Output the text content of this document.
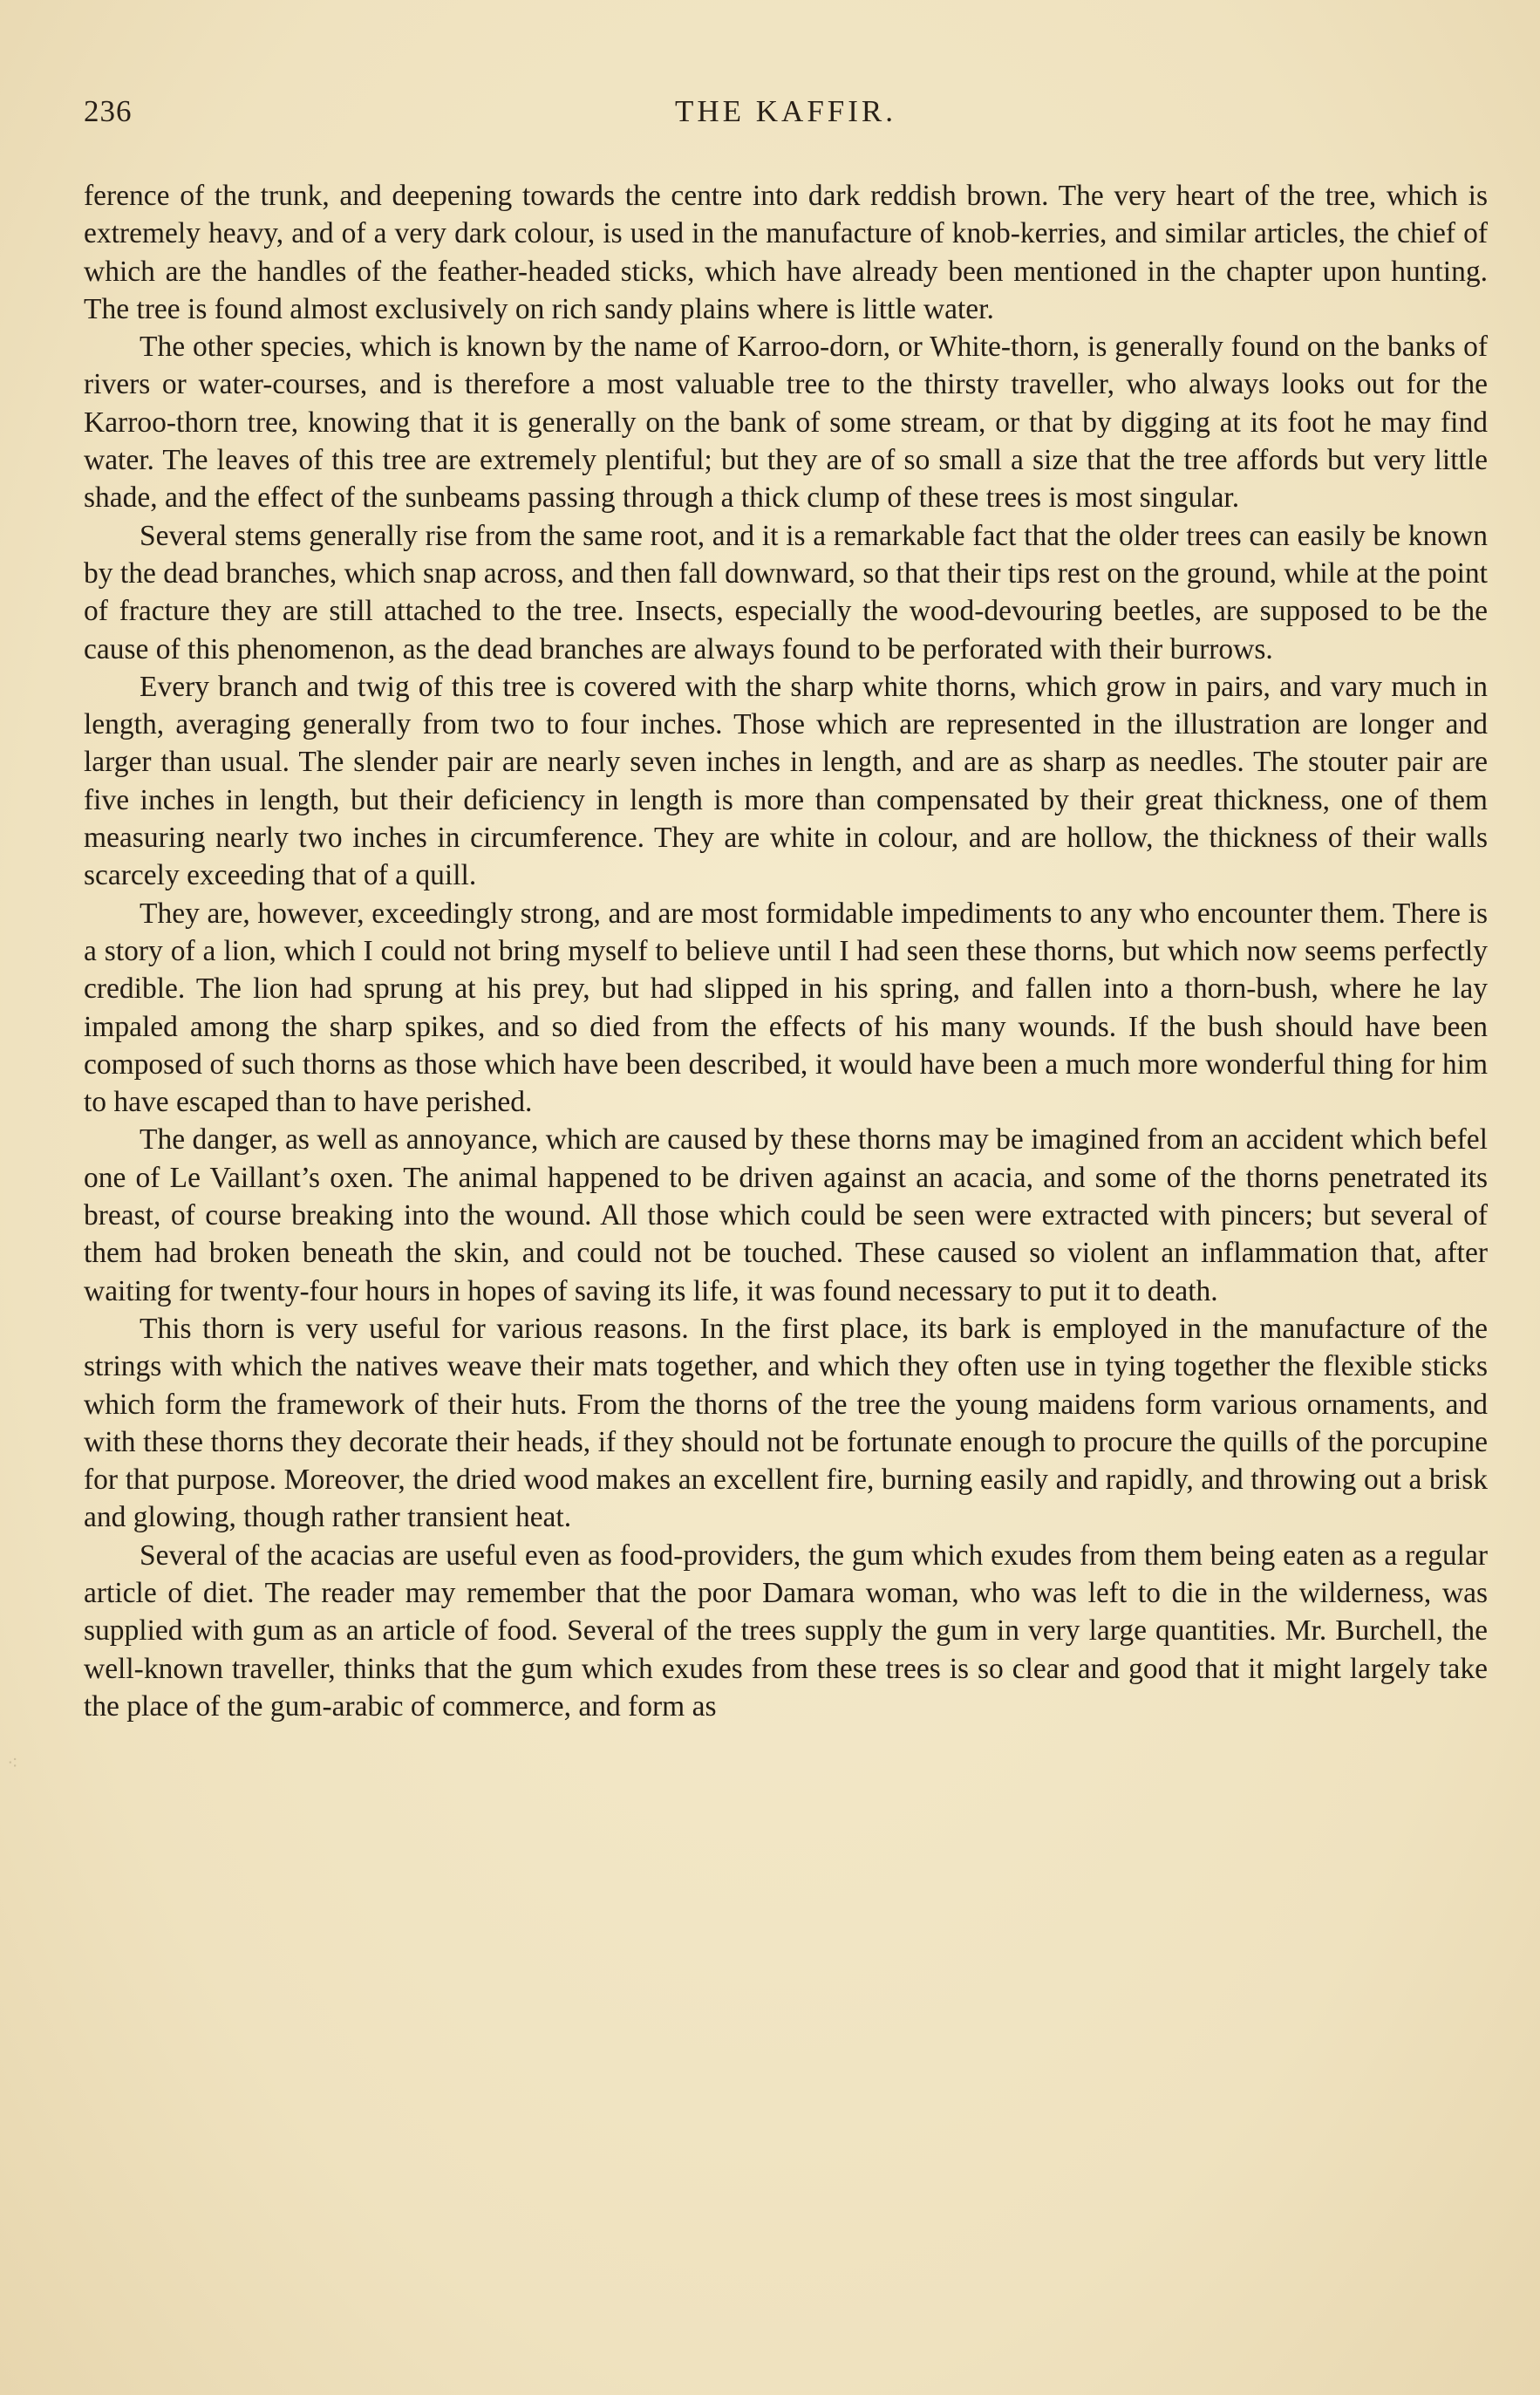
236	THE KAFFIR.

ference of the trunk, and deepening towards the centre into dark reddish brown. The very heart of the tree, which is extremely heavy, and of a very dark colour, is used in the manufacture of knob-kerries, and similar articles, the chief of which are the handles of the feather-headed sticks, which have already been mentioned in the chapter upon hunting. The tree is found almost exclusively on rich sandy plains where is little water.

The other species, which is known by the name of Karroo-dorn, or White-thorn, is generally found on the banks of rivers or water-courses, and is therefore a most valuable tree to the thirsty traveller, who always looks out for the Karroo-thorn tree, knowing that it is generally on the bank of some stream, or that by digging at its foot he may find water. The leaves of this tree are extremely plentiful; but they are of so small a size that the tree affords but very little shade, and the effect of the sunbeams passing through a thick clump of these trees is most singular.

Several stems generally rise from the same root, and it is a remarkable fact that the older trees can easily be known by the dead branches, which snap across, and then fall downward, so that their tips rest on the ground, while at the point of fracture they are still attached to the tree. Insects, especially the wood-devouring beetles, are supposed to be the cause of this phenomenon, as the dead branches are always found to be perforated with their burrows.

Every branch and twig of this tree is covered with the sharp white thorns, which grow in pairs, and vary much in length, averaging generally from two to four inches. Those which are represented in the illustration are longer and larger than usual. The slender pair are nearly seven inches in length, and are as sharp as needles. The stouter pair are five inches in length, but their deficiency in length is more than compensated by their great thickness, one of them measuring nearly two inches in circumference. They are white in colour, and are hollow, the thickness of their walls scarcely exceeding that of a quill.

They are, however, exceedingly strong, and are most formidable impediments to any who encounter them. There is a story of a lion, which I could not bring myself to believe until I had seen these thorns, but which now seems perfectly credible. The lion had sprung at his prey, but had slipped in his spring, and fallen into a thorn-bush, where he lay impaled among the sharp spikes, and so died from the effects of his many wounds. If the bush should have been composed of such thorns as those which have been described, it would have been a much more wonderful thing for him to have escaped than to have perished.

The danger, as well as annoyance, which are caused by these thorns may be imagined from an accident which befel one of Le Vaillant’s oxen. The animal happened to be driven against an acacia, and some of the thorns penetrated its breast, of course breaking into the wound. All those which could be seen were extracted with pincers; but several of them had broken beneath the skin, and could not be touched. These caused so violent an inflammation that, after waiting for twenty-four hours in hopes of saving its life, it was found necessary to put it to death.

This thorn is very useful for various reasons. In the first place, its bark is employed in the manufacture of the strings with which the natives weave their mats together, and which they often use in tying together the flexible sticks which form the framework of their huts. From the thorns of the tree the young maidens form various ornaments, and with these thorns they decorate their heads, if they should not be fortunate enough to procure the quills of the porcupine for that purpose. Moreover, the dried wood makes an excellent fire, burning easily and rapidly, and throwing out a brisk and glowing, though rather transient heat.

Several of the acacias are useful even as food-providers, the gum which exudes from them being eaten as a regular article of diet. The reader may remember that the poor Damara woman, who was left to die in the wilderness, was supplied with gum as an article of food. Several of the trees supply the gum in very large quantities. Mr. Burchell, the well-known traveller, thinks that the gum which exudes from these trees is so clear and good that it might largely take the place of the gum-arabic of commerce, and form as

⁖
